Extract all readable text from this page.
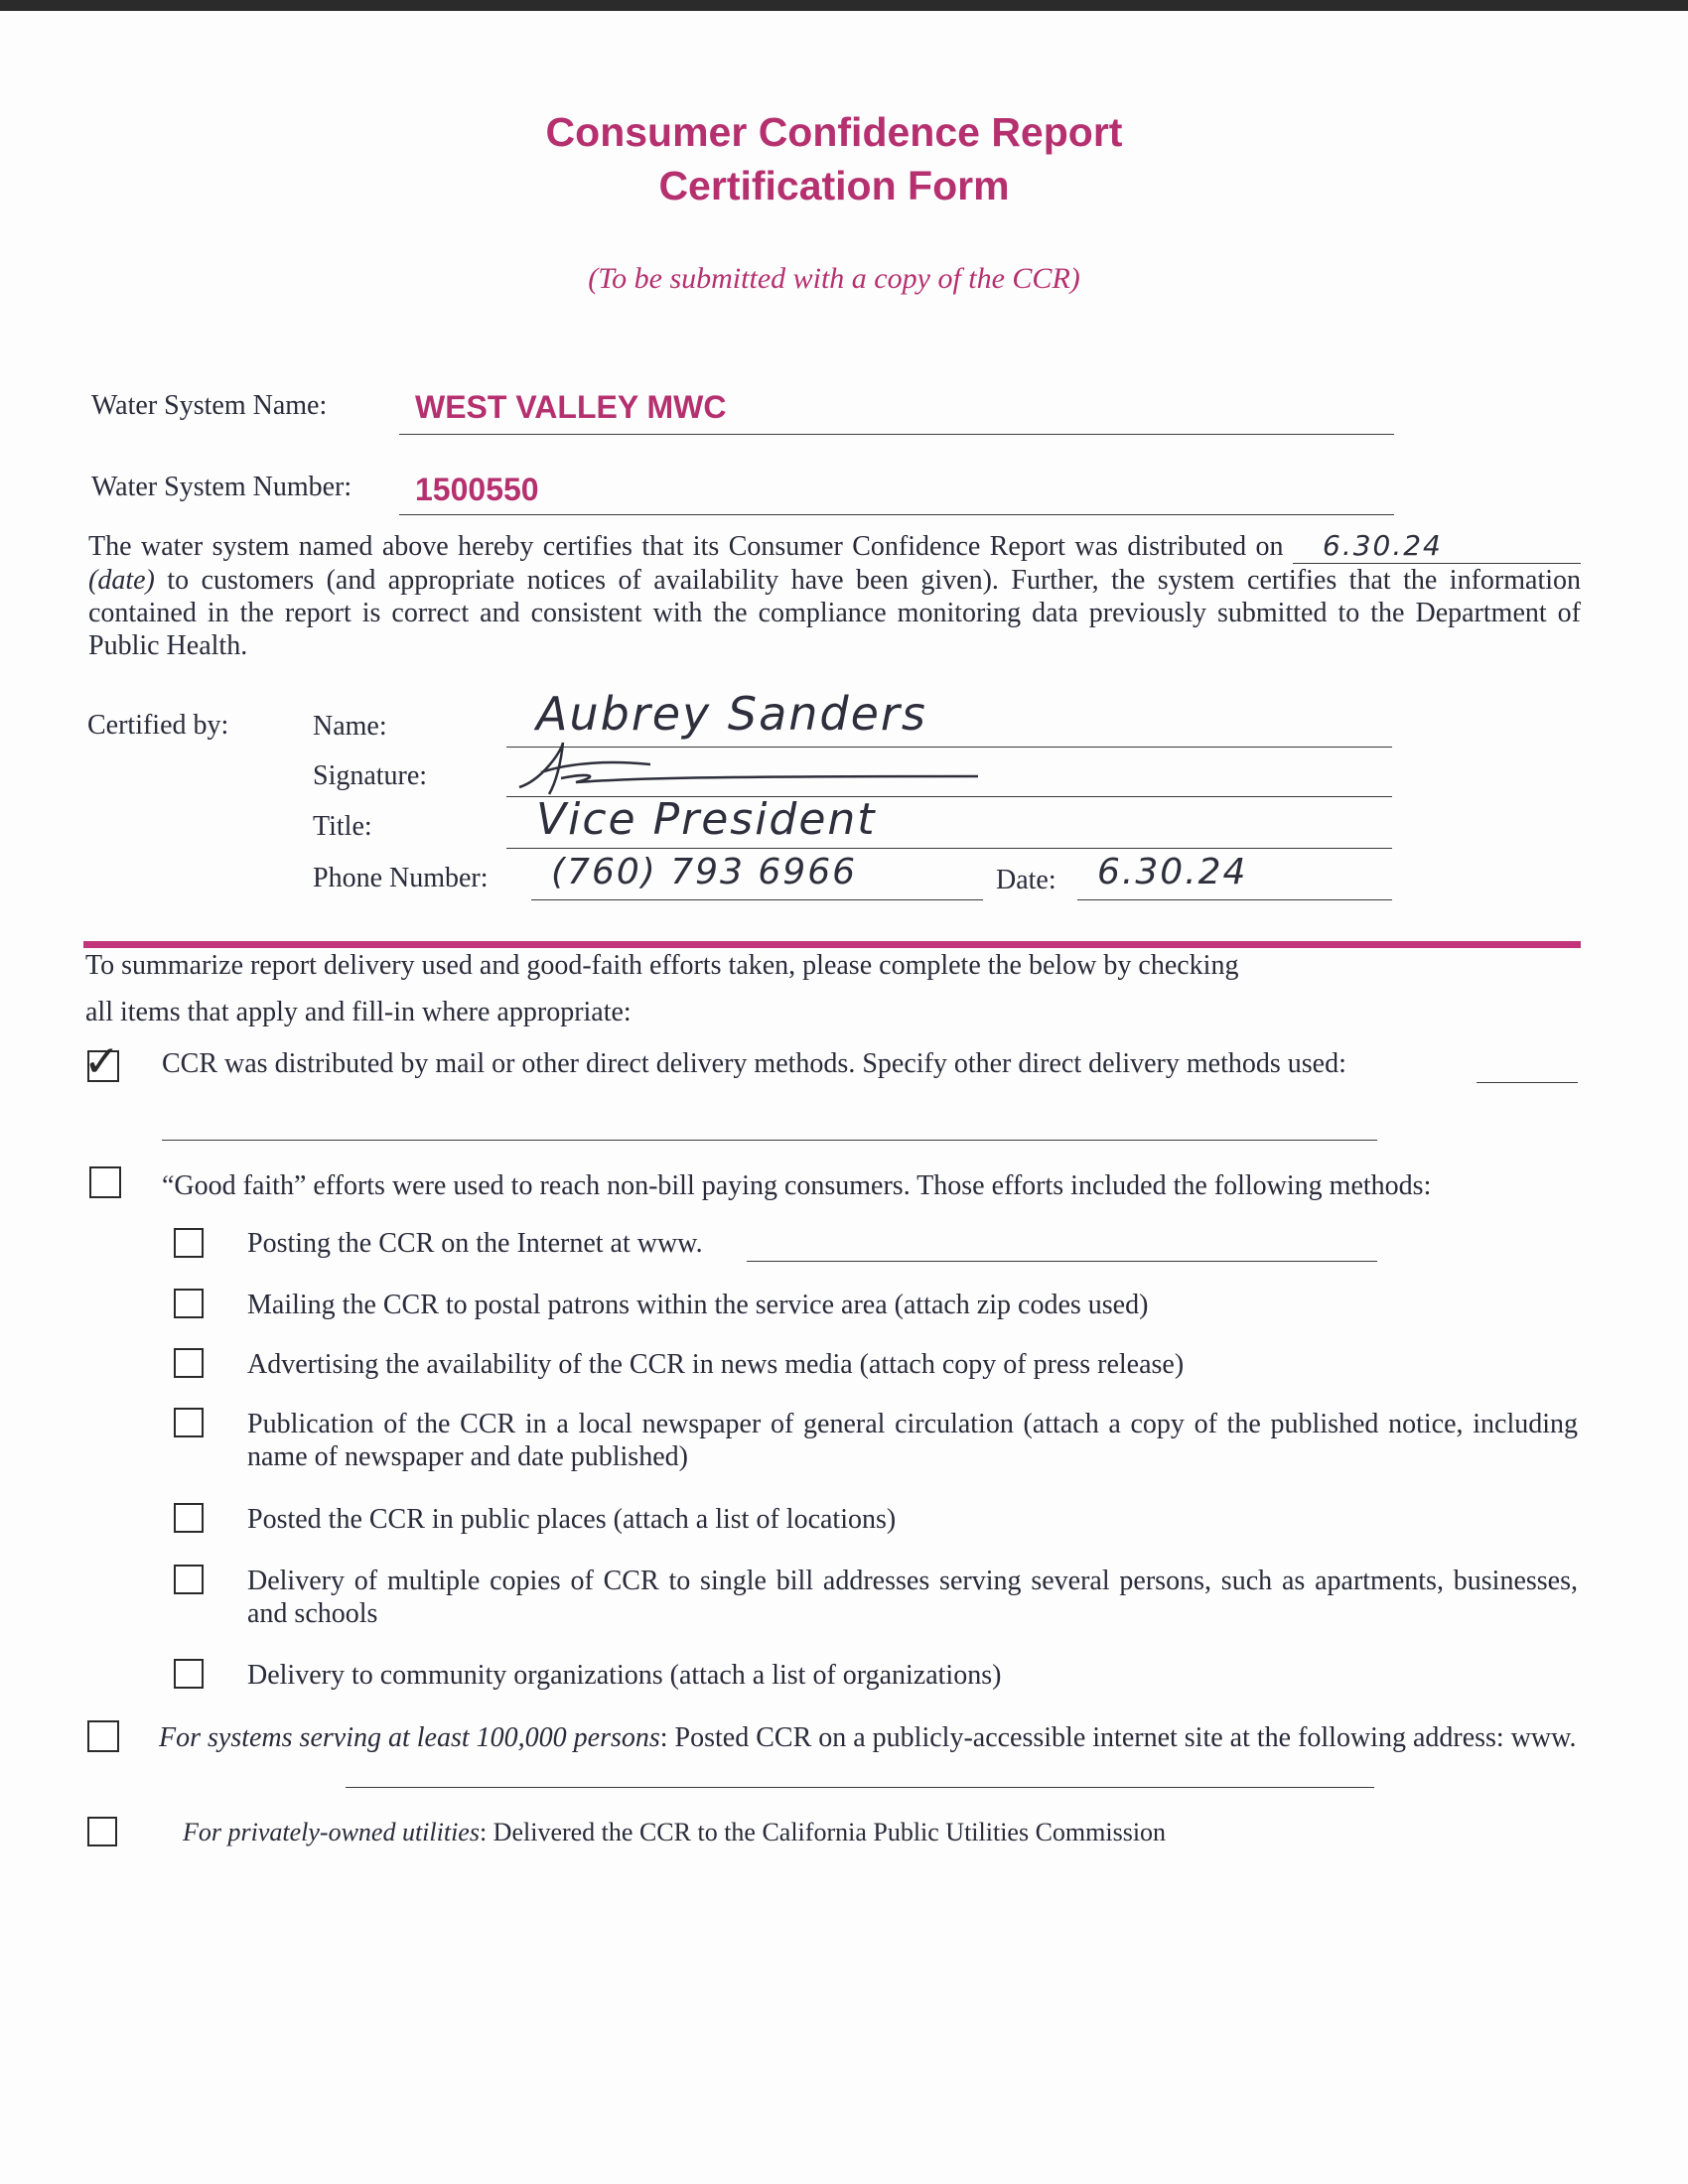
Consumer Confidence Report
Certification Form
(To be submitted with a copy of the CCR)
Water System Name:	WEST VALLEY MWC
Water System Number: 1500550
The water system named above hereby certifies that its Consumer Confidence Report was distributed on 6.30.24 (date) to customers (and appropriate notices of availability have been given). Further, the system certifies that the information contained in the report is correct and consistent with the compliance monitoring data previously submitted to the Department of Public Health.
Certified by:	Name:	Aubrey Sanders
Signature:
Title:	Vice President
Phone Number: (760) 793 6966	Date: 6.30.24
To summarize report delivery used and good-faith efforts taken, please complete the below by checking
all items that apply and fill-in where appropriate:
✓ CCR was distributed by mail or other direct delivery methods. Specify other direct delivery methods used:
“Good faith” efforts were used to reach non-bill paying consumers. Those efforts included the following methods:
Posting the CCR on the Internet at www.
Mailing the CCR to postal patrons within the service area (attach zip codes used)
Advertising the availability of the CCR in news media (attach copy of press release)
Publication of the CCR in a local newspaper of general circulation (attach a copy of the published notice, including name of newspaper and date published)
Posted the CCR in public places (attach a list of locations)
Delivery of multiple copies of CCR to single bill addresses serving several persons, such as apartments, businesses, and schools
Delivery to community organizations (attach a list of organizations)
For systems serving at least 100,000 persons: Posted CCR on a publicly-accessible internet site at the following address: www.
For privately-owned utilities: Delivered the CCR to the California Public Utilities Commission
